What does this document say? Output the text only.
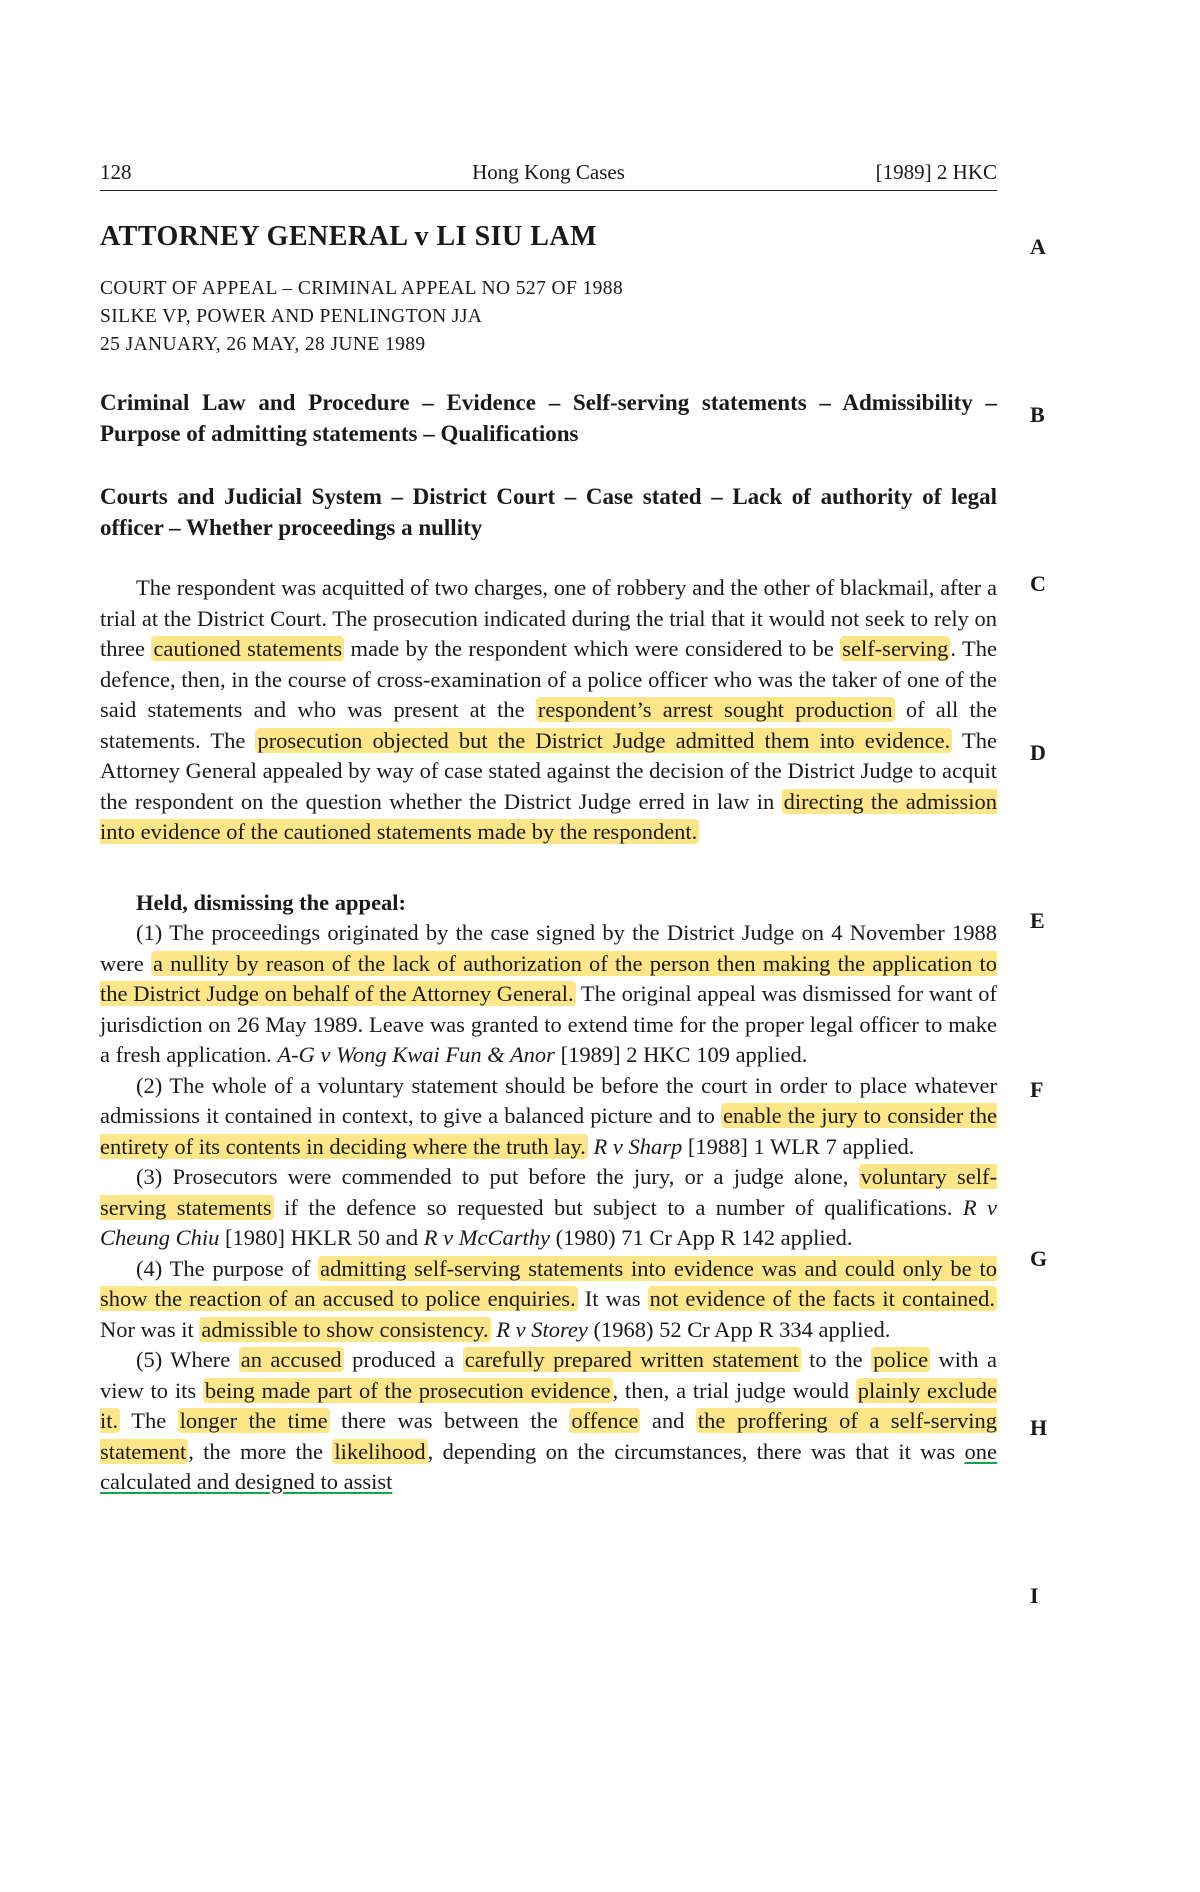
128	Hong Kong Cases	[1989] 2 HKC
ATTORNEY GENERAL v LI SIU LAM
COURT OF APPEAL – CRIMINAL APPEAL NO 527 OF 1988
SILKE VP, POWER AND PENLINGTON JJA
25 JANUARY, 26 MAY, 28 JUNE 1989
Criminal Law and Procedure – Evidence – Self-serving statements – Admissibility – Purpose of admitting statements – Qualifications
Courts and Judicial System – District Court – Case stated – Lack of authority of legal officer – Whether proceedings a nullity

The respondent was acquitted of two charges, one of robbery and the other of blackmail, after a trial at the District Court. The prosecution indicated during the trial that it would not seek to rely on three cautioned statements made by the respondent which were considered to be self-serving. The defence, then, in the course of cross-examination of a police officer who was the taker of one of the said statements and who was present at the respondent’s arrest sought production of all the statements. The prosecution objected but the District Judge admitted them into evidence. The Attorney General appealed by way of case stated against the decision of the District Judge to acquit the respondent on the question whether the District Judge erred in law in directing the admission into evidence of the cautioned statements made by the respondent.

Held, dismissing the appeal:

(1) The proceedings originated by the case signed by the District Judge on 4 November 1988 were a nullity by reason of the lack of authorization of the person then making the application to the District Judge on behalf of the Attorney General. The original appeal was dismissed for want of jurisdiction on 26 May 1989. Leave was granted to extend time for the proper legal officer to make a fresh application. A-G v Wong Kwai Fun & Anor [1989] 2 HKC 109 applied.

(2) The whole of a voluntary statement should be before the court in order to place whatever admissions it contained in context, to give a balanced picture and to enable the jury to consider the entirety of its contents in deciding where the truth lay. R v Sharp [1988] 1 WLR 7 applied.

(3) Prosecutors were commended to put before the jury, or a judge alone, voluntary self-serving statements if the defence so requested but subject to a number of qualifications. R v Cheung Chiu [1980] HKLR 50 and R v McCarthy (1980) 71 Cr App R 142 applied.

(4) The purpose of admitting self-serving statements into evidence was and could only be to show the reaction of an accused to police enquiries. It was not evidence of the facts it contained. Nor was it admissible to show consistency. R v Storey (1968) 52 Cr App R 334 applied.

(5) Where an accused produced a carefully prepared written statement to the police with a view to its being made part of the prosecution evidence, then, a trial judge would plainly exclude it. The longer the time there was between the offence and the proffering of a self-serving statement, the more the likelihood, depending on the circumstances, there was that it was one calculated and designed to assist

A
B
C
D
E
F
G
H
I
